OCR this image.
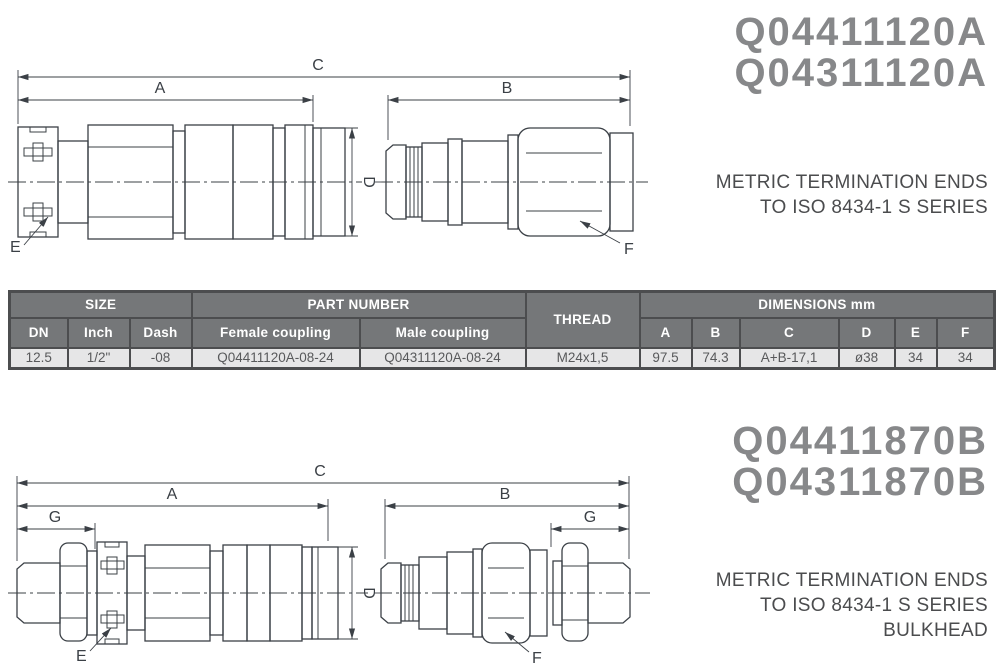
Q04411120A
Q04311120A
METRIC TERMINATION ENDS
TO ISO 8434-1 S SERIES
Q04411870B
Q04311870B
METRIC TERMINATION ENDS
TO ISO 8434-1 S SERIES
BULKHEAD
SIZE			PART NUMBER		THREAD	DIMENSIONS mm					
DN	Inch	Dash	Female coupling	Male coupling		A	B	C	D	E	F
12.5	1/2"	-08	Q04411120A-08-24	Q04311120A-08-24	M24x1,5	97.5	74.3	A+B-17,1	ø38	34	34
C
A	B
D
E	F
C
A
G
B
G
D
E	F
